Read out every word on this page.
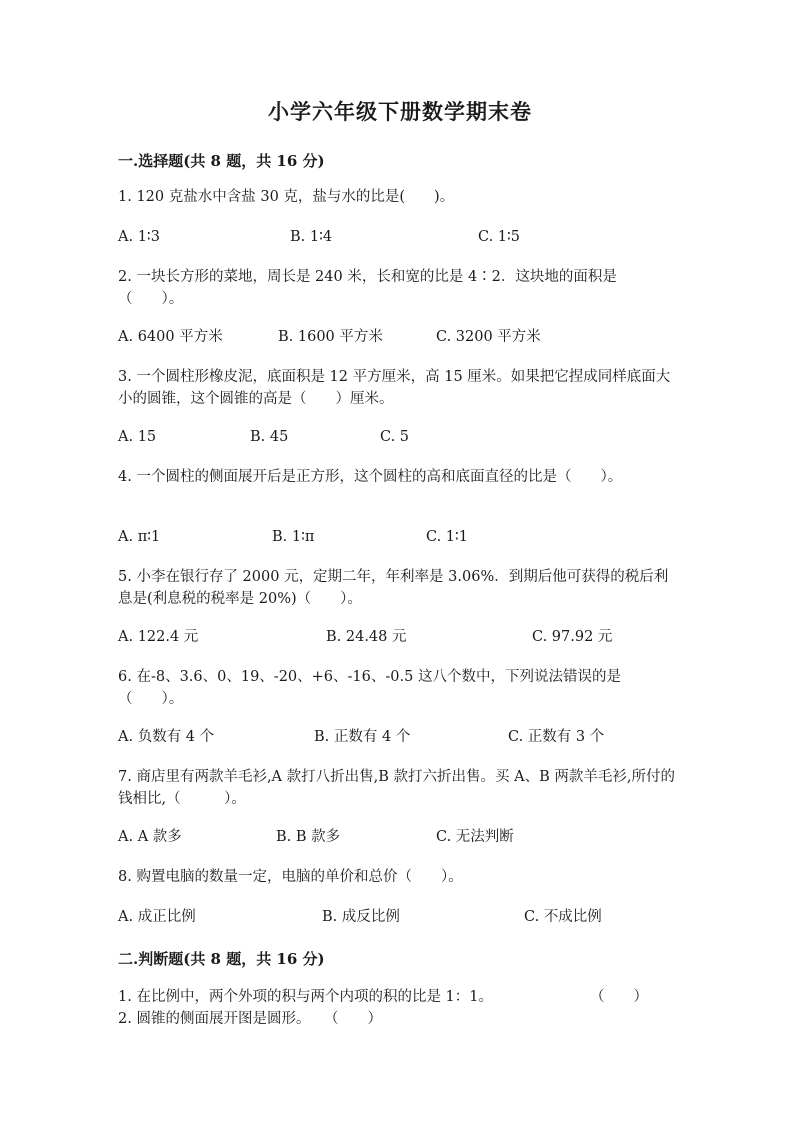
小学六年级下册数学期末卷
一.选择题(共 8 题，共 16 分)
1. 120 克盐水中含盐 30 克，盐与水的比是(　　)。
A. 1∶3	B. 1∶4	C. 1∶5
2. 一块长方形的菜地，周长是 240 米，长和宽的比是 4∶2．这块地的面积是（　　）。
A. 6400 平方米	B. 1600 平方米	C. 3200 平方米
3. 一个圆柱形橡皮泥，底面积是 12 平方厘米，高 15 厘米。如果把它捏成同样底面大小的圆锥，这个圆锥的高是（　　）厘米。
A. 15	B. 45	C. 5
4. 一个圆柱的侧面展开后是正方形，这个圆柱的高和底面直径的比是（　　）。
A. π∶1	B. 1∶π	C. 1∶1
5. 小李在银行存了 2000 元，定期二年，年利率是 3.06%．到期后他可获得的税后利息是(利息税的税率是 20%)（　　）。
A. 122.4 元	B. 24.48 元	C. 97.92 元
6. 在-8、3.6、0、19、-20、+6、-16、-0.5 这八个数中，下列说法错误的是（　　）。
A. 负数有 4 个	B. 正数有 4 个	C. 正数有 3 个
7. 商店里有两款羊毛衫,A 款打八折出售,B 款打六折出售。买 A、B 两款羊毛衫,所付的钱相比,（　　　）。
A. A 款多	B. B 款多	C. 无法判断
8. 购置电脑的数量一定，电脑的单价和总价（　　）。
A. 成正比例	B. 成反比例	C. 不成比例
二.判断题(共 8 题，共 16 分)
1. 在比例中，两个外项的积与两个内项的积的比是 1：1。	（　　）
2. 圆锥的侧面展开图是圆形。 （　　）
